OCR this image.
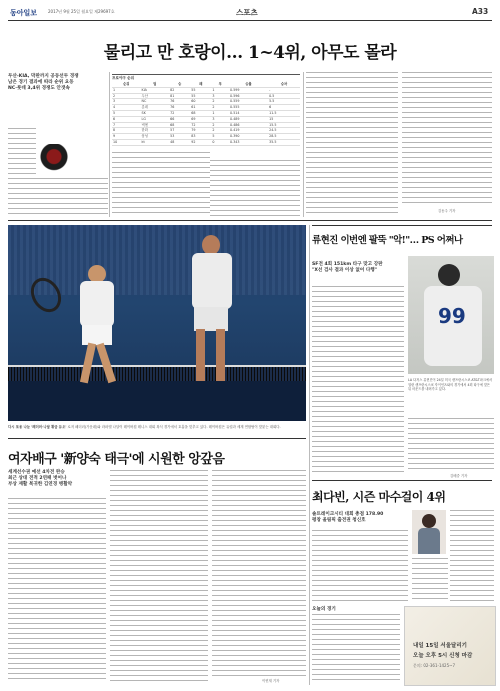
동아일보	2017년 9월 25일 월요일 제29697호	스포츠	A33
물리고 만 호랑이… 1~4위, 아무도 몰라
두산-KIA, 막판까지 공동선두 경쟁
남은 경기 결과에 따라 순위 요동
NC·롯데 3,4위 경쟁도 안갯속
프로야구 순위
순위	팀	승	패	무	승률	승차
1	KIA	82	55	1	0.599	-
2	두산	81	55	3	0.596	0.5
3	NC	76	60	2	0.559	5.5
4	롯데	76	61	2	0.555	6
5	SK	72	68	1	0.514	11.5
6	LG	66	69	3	0.489	15
7	넥센	68	72	2	0.486	15.5
8	한화	57	79	2	0.419	24.5
9	삼성	53	83	5	0.390	28.5
10	kt	48	92	0	0.343	35.5
김동주 기자
다시 포옹 나눈 '페더러·나달 황금 듀오' 로저 페더러(가운데)와 라파엘 나달이 레이버컵 테니스 대회 복식 경기에서 호흡을 맞추고 있다. 레이버컵은 유럽과 세계 연합팀이 맞붙는 대회다.
류현진 이번엔 팔뚝 "악!"… PS 어쩌나
SF전 4회 151km 타구 맞고 강판
"X선 검사 결과 이상 없어 다행"
99
LA 다저스 류현진이 24일 미국 샌프란시스코 AT&T파크에서 열린 샌프란시스코 자이언츠와의 경기에서 4회 타구에 맞은 뒤 마운드를 내려가고 있다.
김배중 기자
여자배구 '新양숙 태극'에 시원한 앙갚음
세계선수권 예선 4차전 완승
최근 상대 전적 2연패 벗어나
부상 재활 복귀한 김연경 맹활약
이헌재 기자
최다빈, 시즌 마수걸이 4위
솔트레이크시티 대회 총점 178.90
평창 올림픽 출전권 청신호
오늘의 경기
내일 15일 서울달리기
오늘 오후 5시 신청 마감
문의: 02-361-1425~7
